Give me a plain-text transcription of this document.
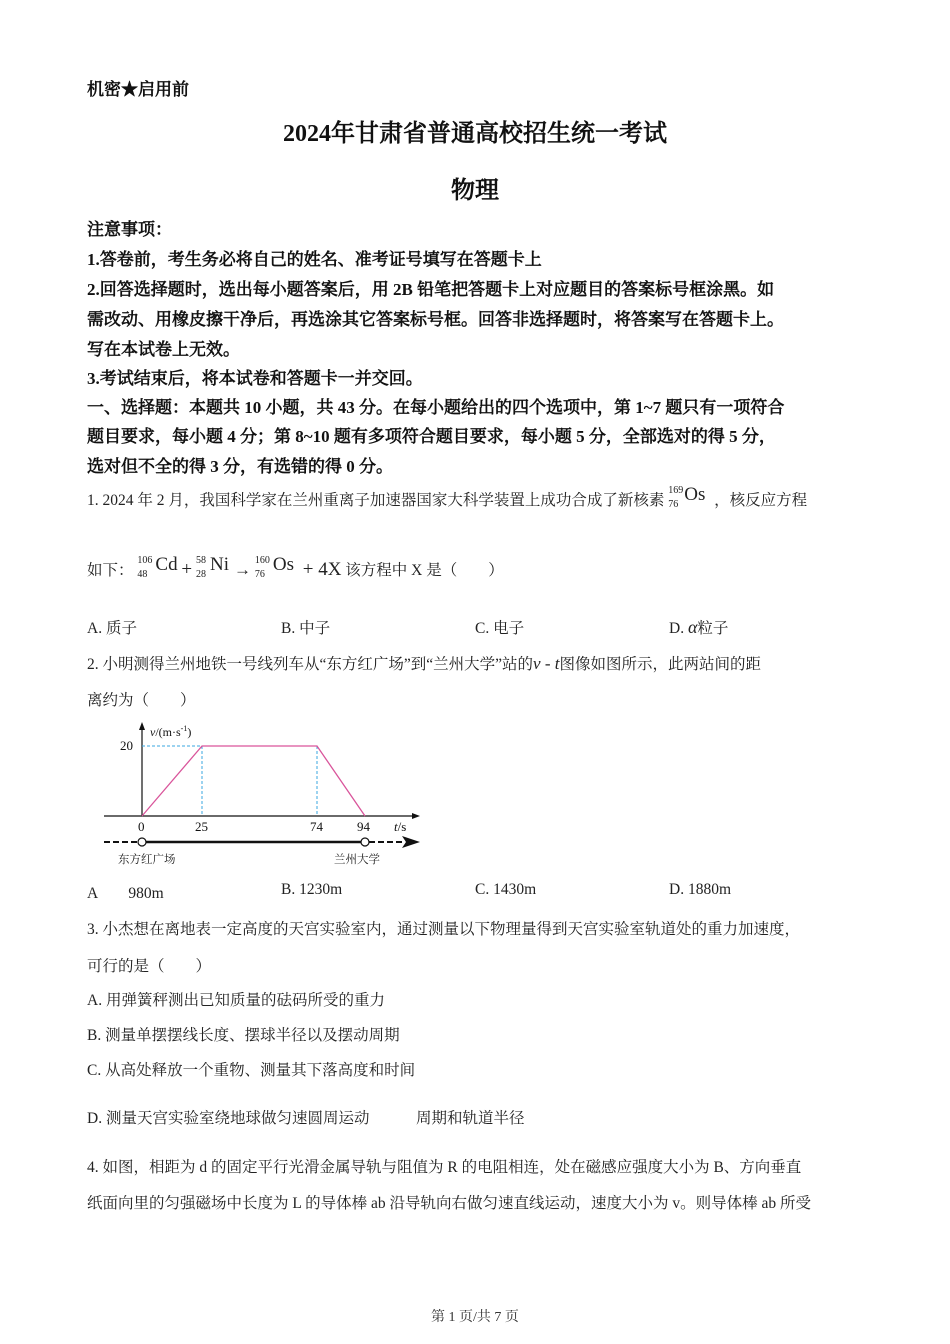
机密★启用前
2024年甘肃省普通高校招生统一考试
物理
注意事项：
1.答卷前，考生务必将自己的姓名、准考证号填写在答题卡上
2.回答选择题时，选出每小题答案后，用 2B 铅笔把答题卡上对应题目的答案标号框涂黑。如
需改动、用橡皮擦干净后，再选涂其它答案标号框。回答非选择题时，将答案写在答题卡上。
写在本试卷上无效。
3.考试结束后，将本试卷和答题卡一并交回。
一、选择题：本题共 10 小题，共 43 分。在每小题给出的四个选项中，第 1~7 题只有一项符合
题目要求，每小题 4 分；第 8~10 题有多项符合题目要求，每小题 5 分，全部选对的得 5 分，
选对但不全的得 3 分，有选错的得 0 分。
1. 2024 年 2 月，我国科学家在兰州重离子加速器国家大科学装置上成功合成了新核素
169
76 Os ，核反应方程
如下：
106
48 Cd + 58
28 Ni → 160
76 Os + 4X 该方程中 X 是（　　）
A. 质子	B. 中子	C. 电子	D. α粒子
2. 小明测得兰州地铁一号线列车从“东方红广场”到“兰州大学”站的v - t图像如图所示，此两站间的距
离约为（　　）
$v/(m\cdot s^{-1})$
20
0	25	74	94 t/s
东方红广场	兰州大学
A　　980m	B. 1230m	C. 1430m	D. 1880m
3. 小杰想在离地表一定高度的天宫实验室内，通过测量以下物理量得到天宫实验室轨道处的重力加速度，
可行的是（　　）
A. 用弹簧秤测出已知质量的砝码所受的重力
B. 测量单摆摆线长度、摆球半径以及摆动周期
C. 从高处释放一个重物、测量其下落高度和时间
D. 测量天宫实验室绕地球做匀速圆周运动　　　周期和轨道半径
4. 如图，相距为 d 的固定平行光滑金属导轨与阻值为 R 的电阻相连，处在磁感应强度大小为 B、方向垂直
纸面向里的匀强磁场中长度为 L 的导体棒 ab 沿导轨向右做匀速直线运动，速度大小为 v。则导体棒 ab 所受
第 1 页/共 7 页
